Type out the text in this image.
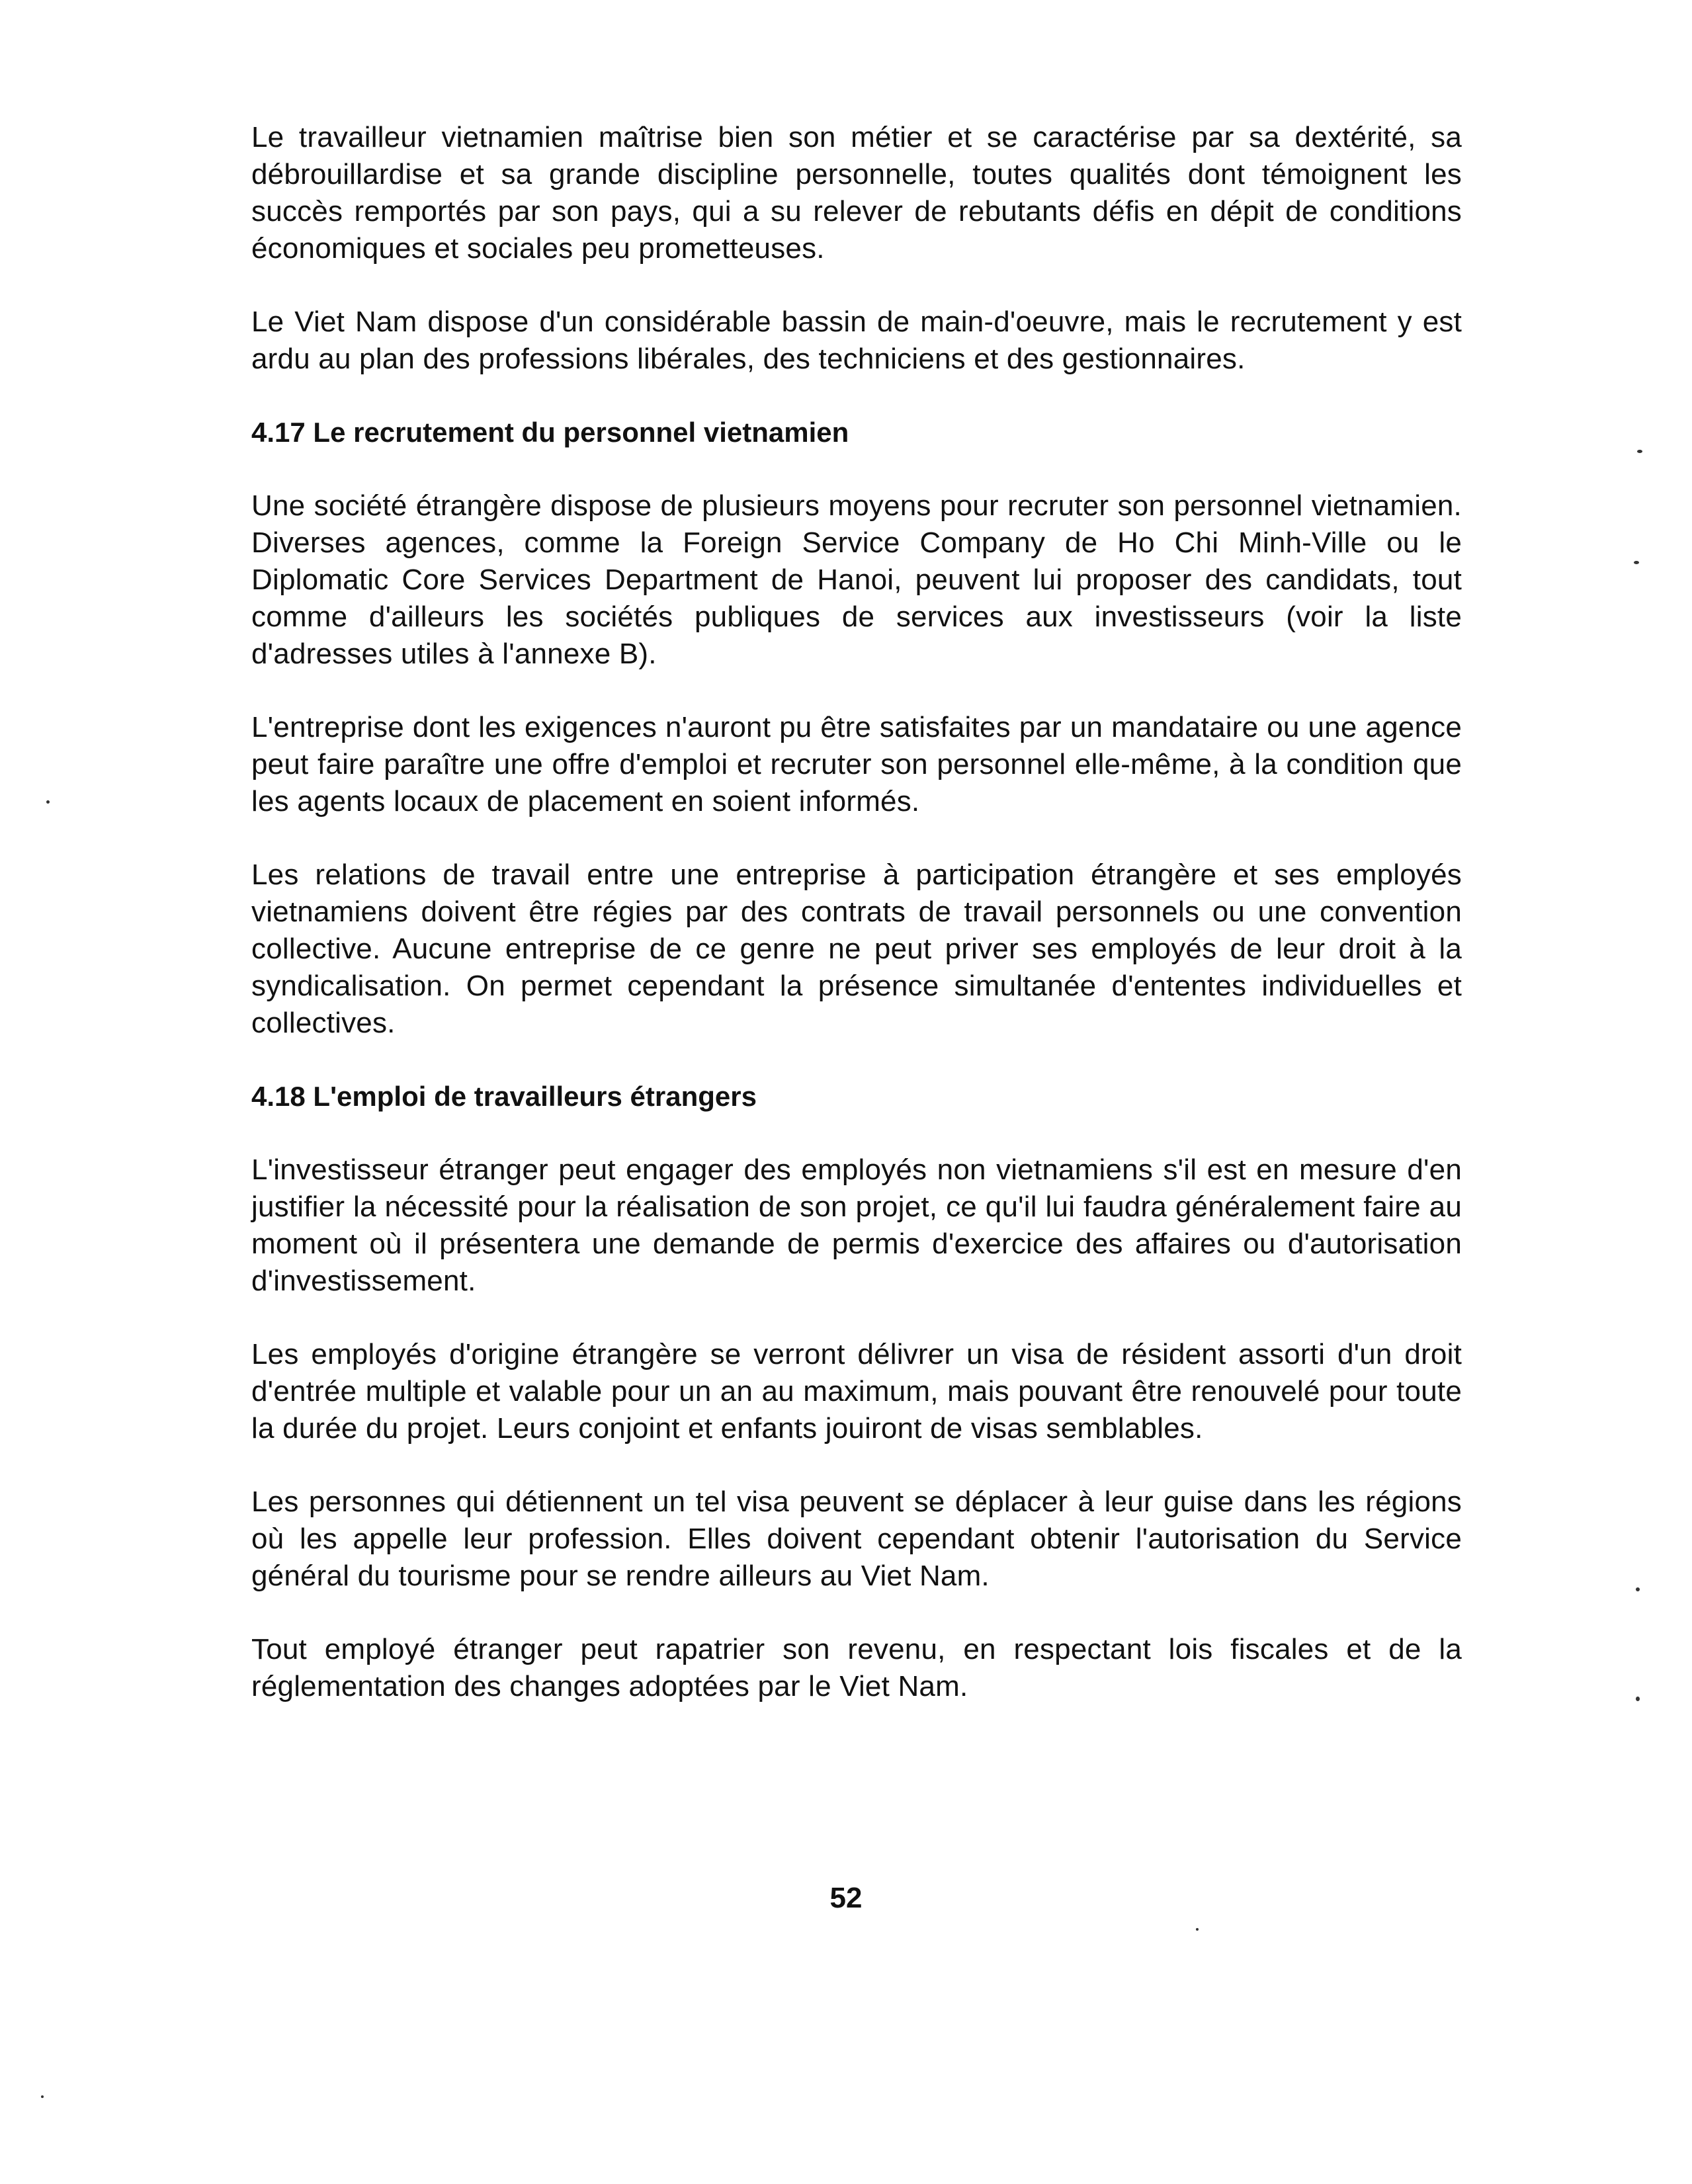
Le travailleur vietnamien maîtrise bien son métier et se caractérise par sa dextérité, sa débrouillardise et sa grande discipline personnelle, toutes qualités dont témoignent les succès remportés par son pays, qui a su relever de rebutants défis en dépit de conditions économiques et sociales peu prometteuses.

Le Viet Nam dispose d'un considérable bassin de main-d'oeuvre, mais le recrutement y est ardu au plan des professions libérales, des techniciens et des gestionnaires.

4.17 Le recrutement du personnel vietnamien

Une société étrangère dispose de plusieurs moyens pour recruter son personnel vietnamien. Diverses agences, comme la Foreign Service Company de Ho Chi Minh-Ville ou le Diplomatic Core Services Department de Hanoi, peuvent lui proposer des candidats, tout comme d'ailleurs les sociétés publiques de services aux investisseurs (voir la liste d'adresses utiles à l'annexe B).

L'entreprise dont les exigences n'auront pu être satisfaites par un mandataire ou une agence peut faire paraître une offre d'emploi et recruter son personnel elle-même, à la condition que les agents locaux de placement en soient informés.

Les relations de travail entre une entreprise à participation étrangère et ses employés vietnamiens doivent être régies par des contrats de travail personnels ou une convention collective. Aucune entreprise de ce genre ne peut priver ses employés de leur droit à la syndicalisation. On permet cependant la présence simultanée d'ententes individuelles et collectives.

4.18 L'emploi de travailleurs étrangers

L'investisseur étranger peut engager des employés non vietnamiens s'il est en mesure d'en justifier la nécessité pour la réalisation de son projet, ce qu'il lui faudra généralement faire au moment où il présentera une demande de permis d'exercice des affaires ou d'autorisation d'investissement.

Les employés d'origine étrangère se verront délivrer un visa de résident assorti d'un droit d'entrée multiple et valable pour un an au maximum, mais pouvant être renouvelé pour toute la durée du projet. Leurs conjoint et enfants jouiront de visas semblables.

Les personnes qui détiennent un tel visa peuvent se déplacer à leur guise dans les régions où les appelle leur profession. Elles doivent cependant obtenir l'autorisation du Service général du tourisme pour se rendre ailleurs au Viet Nam.

Tout employé étranger peut rapatrier son revenu, en respectant lois fiscales et de la réglementation des changes adoptées par le Viet Nam.

52
